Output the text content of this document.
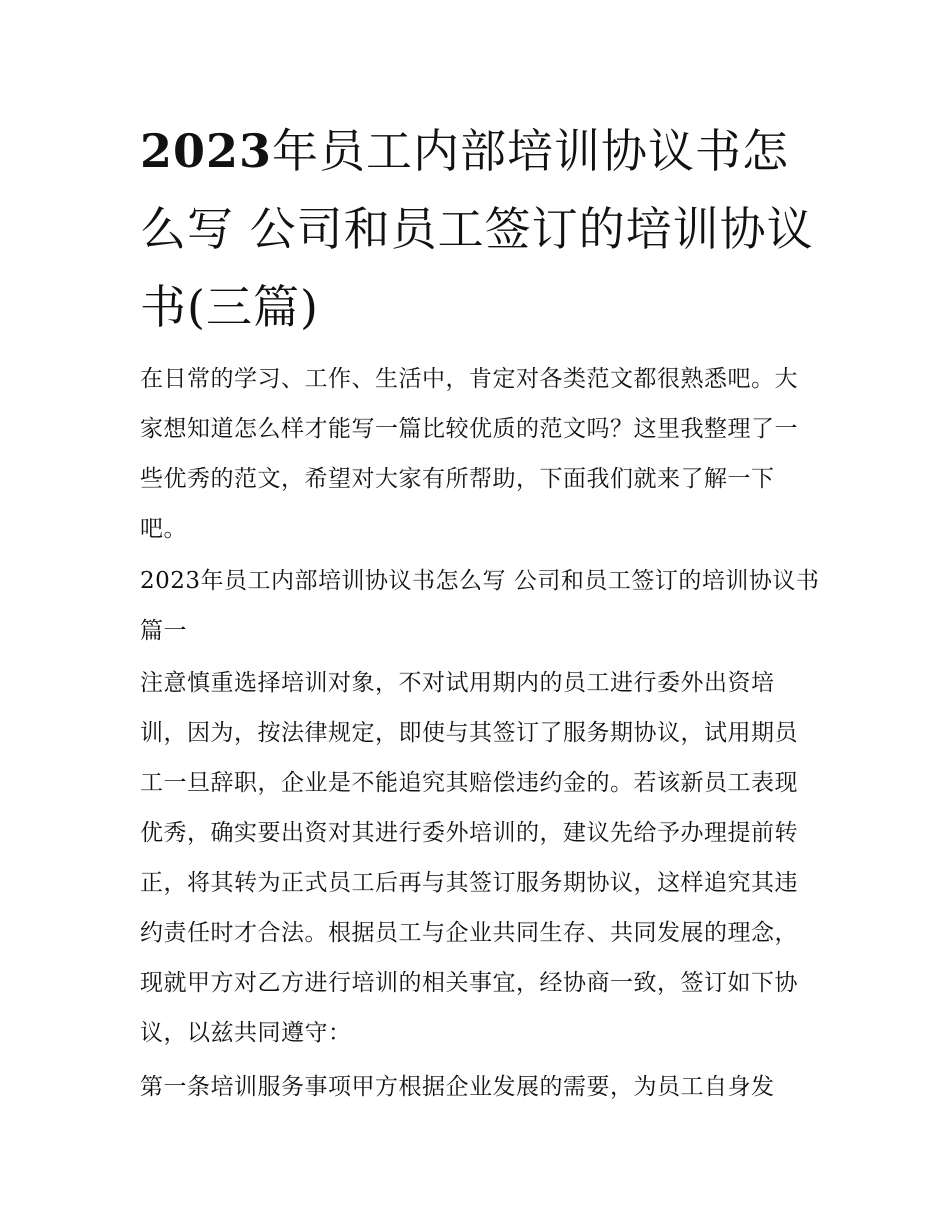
2023年员工内部培训协议书怎么写 公司和员工签订的培训协议书(三篇)

在日常的学习、工作、生活中，肯定对各类范文都很熟悉吧。大家想知道怎么样才能写一篇比较优质的范文吗？这里我整理了一些优秀的范文，希望对大家有所帮助，下面我们就来了解一下吧。

2023年员工内部培训协议书怎么写 公司和员工签订的培训协议书篇一

注意慎重选择培训对象，不对试用期内的员工进行委外出资培训，因为，按法律规定，即使与其签订了服务期协议，试用期员工一旦辞职，企业是不能追究其赔偿违约金的。若该新员工表现优秀，确实要出资对其进行委外培训的，建议先给予办理提前转正，将其转为正式员工后再与其签订服务期协议，这样追究其违约责任时才合法。根据员工与企业共同生存、共同发展的理念，现就甲方对乙方进行培训的相关事宜，经协商一致，签订如下协议，以兹共同遵守：

第一条培训服务事项甲方根据企业发展的需要，为员工自身发
